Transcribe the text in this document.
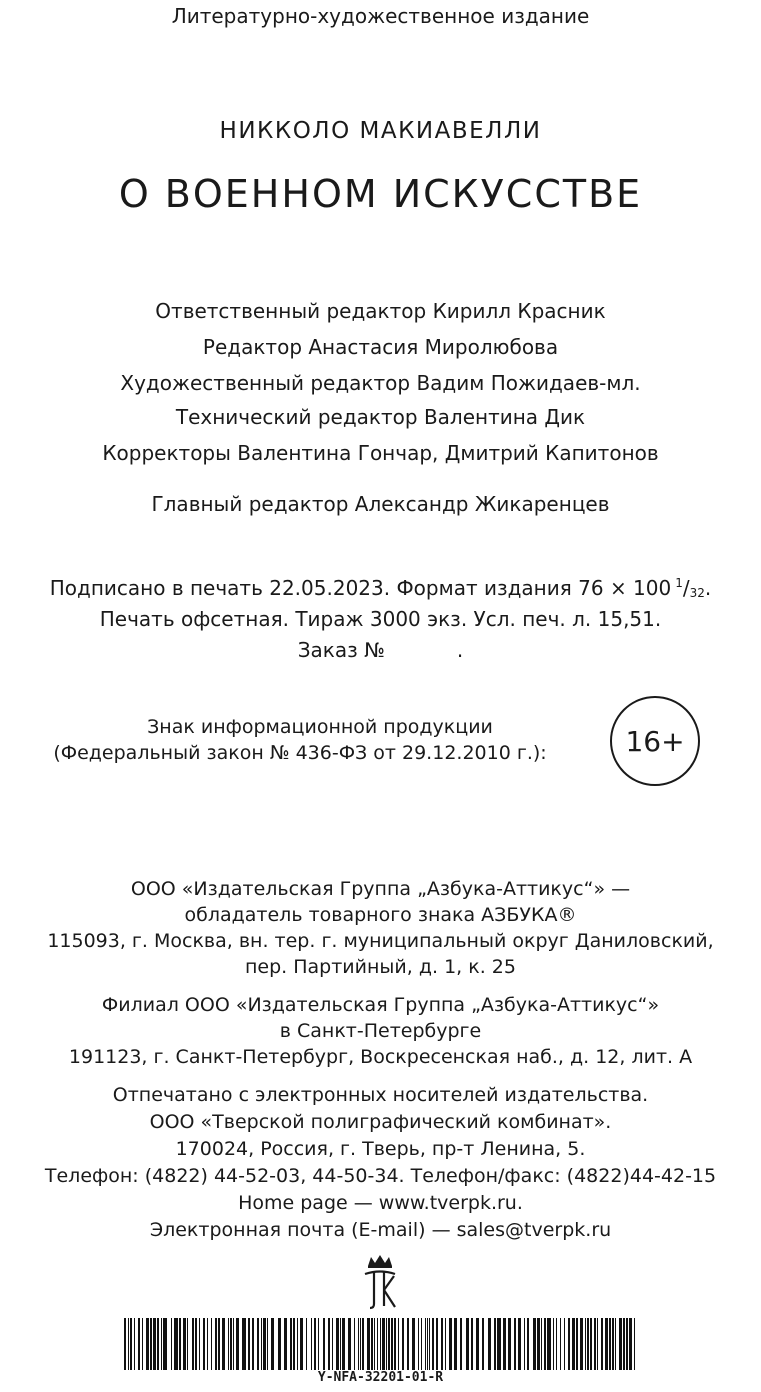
Литературно-художественное издание
НИККОЛО МАКИАВЕЛЛИ
О ВОЕННОМ ИСКУССТВЕ
Ответственный редактор Кирилл Красник
Редактор Анастасия Миролюбова
Художественный редактор Вадим Пожидаев-мл.
Технический редактор Валентина Дик
Корректоры Валентина Гончар, Дмитрий Капитонов
Главный редактор Александр Жикаренцев
Подписано в печать 22.05.2023. Формат издания 76 × 100 $^1$/32.
Печать офсетная. Тираж 3000 экз. Усл. печ. л. 15,51.
Заказ №	.
Знак информационной продукции
(Федеральный закон № 436-ФЗ от 29.12.2010 г.):	16+
ООО «Издательская Группа „Азбука-Аттикус“» —
обладатель товарного знака АЗБУКА®
115093, г. Москва, вн. тер. г. муниципальный округ Даниловский,
пер. Партийный, д. 1, к. 25
Филиал ООО «Издательская Группа „Азбука-Аттикус“»
в Санкт-Петербурге
191123, г. Санкт-Петербург, Воскресенская наб., д. 12, лит. А
Отпечатано с электронных носителей издательства.
ООО «Тверской полиграфический комбинат».
170024, Россия, г. Тверь, пр-т Ленина, 5.
Телефон: (4822) 44-52-03, 44-50-34. Телефон/факс: (4822)44-42-15
Home page — www.tverpk.ru.
Электронная почта (E-mail) — sales@tverpk.ru
Y-NFA-32201-01-R
